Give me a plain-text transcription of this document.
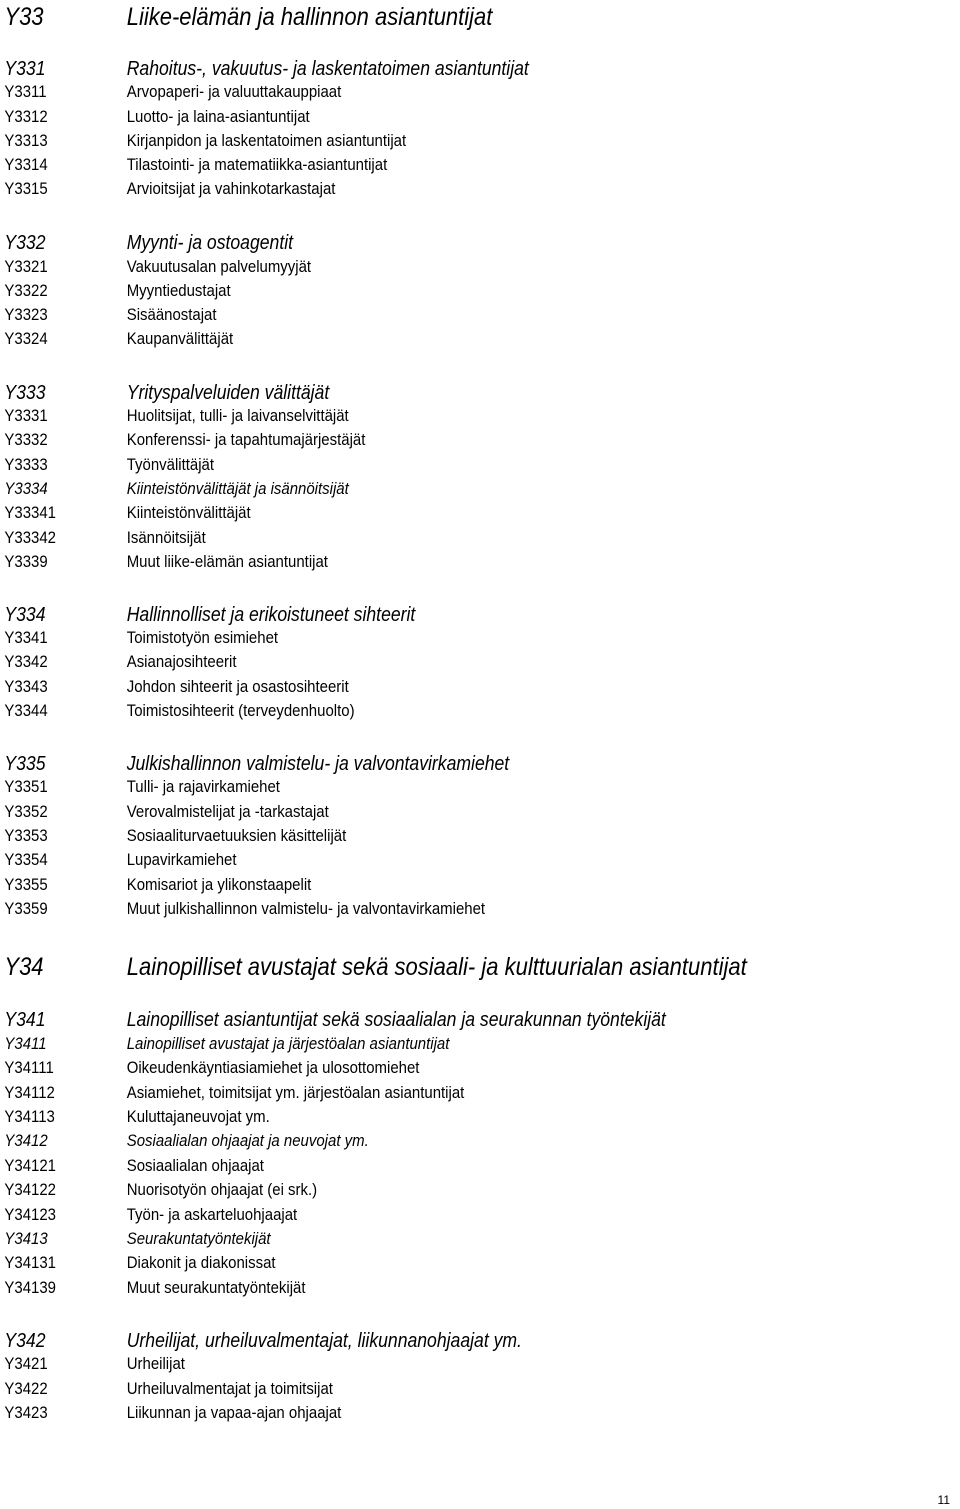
Y33	Liike-elämän ja hallinnon asiantuntijat
Y331	Rahoitus-, vakuutus- ja laskentatoimen asiantuntijat
Y3311	Arvopaperi- ja valuuttakauppiaat
Y3312	Luotto- ja laina-asiantuntijat
Y3313	Kirjanpidon ja laskentatoimen asiantuntijat
Y3314	Tilastointi- ja matematiikka-asiantuntijat
Y3315	Arvioitsijat ja vahinkotarkastajat
Y332	Myynti- ja ostoagentit
Y3321	Vakuutusalan palvelumyyjät
Y3322	Myyntiedustajat
Y3323	Sisäänostajat
Y3324	Kaupanvälittäjät
Y333	Yrityspalveluiden välittäjät
Y3331	Huolitsijat, tulli- ja laivanselvittäjät
Y3332	Konferenssi- ja tapahtumajärjestäjät
Y3333	Työnvälittäjät
Y3334	Kiinteistönvälittäjät ja isännöitsijät
Y33341	Kiinteistönvälittäjät
Y33342	Isännöitsijät
Y3339	Muut liike-elämän asiantuntijat
Y334	Hallinnolliset ja erikoistuneet sihteerit
Y3341	Toimistotyön esimiehet
Y3342	Asianajosihteerit
Y3343	Johdon sihteerit ja osastosihteerit
Y3344	Toimistosihteerit (terveydenhuolto)
Y335	Julkishallinnon valmistelu- ja valvontavirkamiehet
Y3351	Tulli- ja rajavirkamiehet
Y3352	Verovalmistelijat ja -tarkastajat
Y3353	Sosiaaliturvaetuuksien käsittelijät
Y3354	Lupavirkamiehet
Y3355	Komisariot ja ylikonstaapelit
Y3359	Muut julkishallinnon valmistelu- ja valvontavirkamiehet
Y34	Lainopilliset avustajat sekä sosiaali- ja kulttuurialan asiantuntijat
Y341	Lainopilliset asiantuntijat sekä sosiaalialan ja seurakunnan työntekijät
Y3411	Lainopilliset avustajat ja järjestöalan asiantuntijat
Y34111	Oikeudenkäyntiasiamiehet ja ulosottomiehet
Y34112	Asiamiehet, toimitsijat ym. järjestöalan asiantuntijat
Y34113	Kuluttajaneuvojat ym.
Y3412	Sosiaalialan ohjaajat ja neuvojat ym.
Y34121	Sosiaalialan ohjaajat
Y34122	Nuorisotyön ohjaajat (ei srk.)
Y34123	Työn- ja askarteluohjaajat
Y3413	Seurakuntatyöntekijät
Y34131	Diakonit ja diakonissat
Y34139	Muut seurakuntatyöntekijät
Y342	Urheilijat, urheiluvalmentajat, liikunnanohjaajat ym.
Y3421	Urheilijat
Y3422	Urheiluvalmentajat ja toimitsijat
Y3423	Liikunnan ja vapaa-ajan ohjaajat
11
